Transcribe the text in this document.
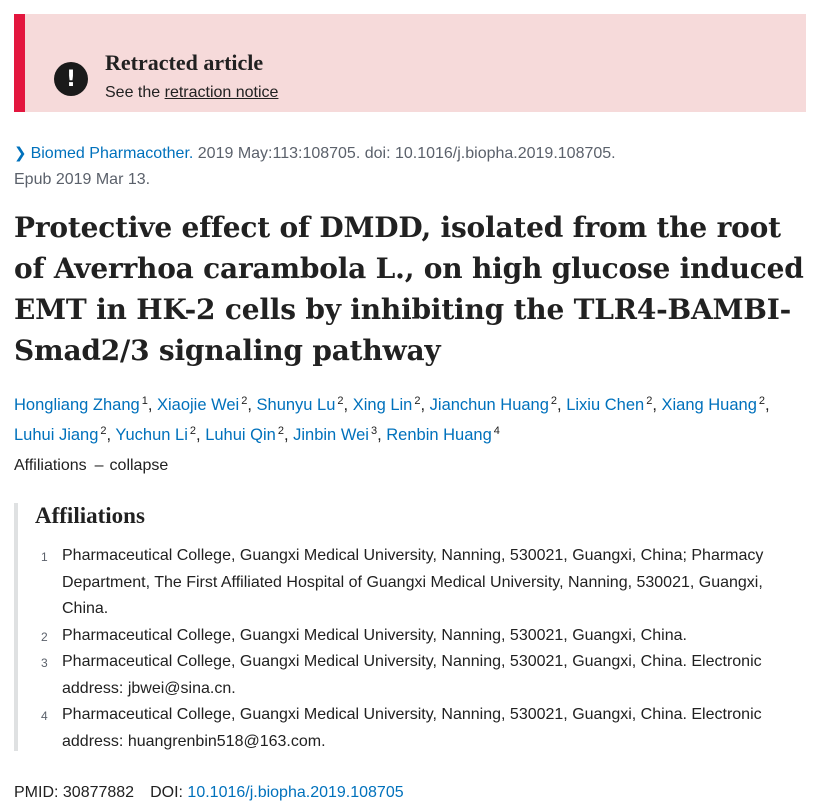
!
Retracted article
See the retraction notice
❯ Biomed Pharmacother. 2019 May:113:108705. doi: 10.1016/j.biopha.2019.108705.
Epub 2019 Mar 13.
Protective effect of DMDD, isolated from the root of Averrhoa carambola L., on high glucose induced EMT in HK-2 cells by inhibiting the TLR4-BAMBI-Smad2/3 signaling pathway
Hongliang Zhang $^1$, Xiaojie Wei $^2$, Shunyu Lu $^2$, Xing Lin $^2$, Jianchun Huang $^2$, Lixiu Chen $^2$, Xiang Huang $^2$, Luhui Jiang $^2$, Yuchun Li $^2$, Luhui Qin $^2$, Jinbin Wei $^3$, Renbin Huang $^4$
Affiliations – collapse
Affiliations
1 Pharmaceutical College, Guangxi Medical University, Nanning, 530021, Guangxi, China; Pharmacy Department, The First Affiliated Hospital of Guangxi Medical University, Nanning, 530021, Guangxi, China.
2 Pharmaceutical College, Guangxi Medical University, Nanning, 530021, Guangxi, China.
3 Pharmaceutical College, Guangxi Medical University, Nanning, 530021, Guangxi, China. Electronic address: jbwei@sina.cn.
4 Pharmaceutical College, Guangxi Medical University, Nanning, 530021, Guangxi, China. Electronic address: huangrenbin518@163.com.
PMID: 30877882 DOI: 10.1016/j.biopha.2019.108705
